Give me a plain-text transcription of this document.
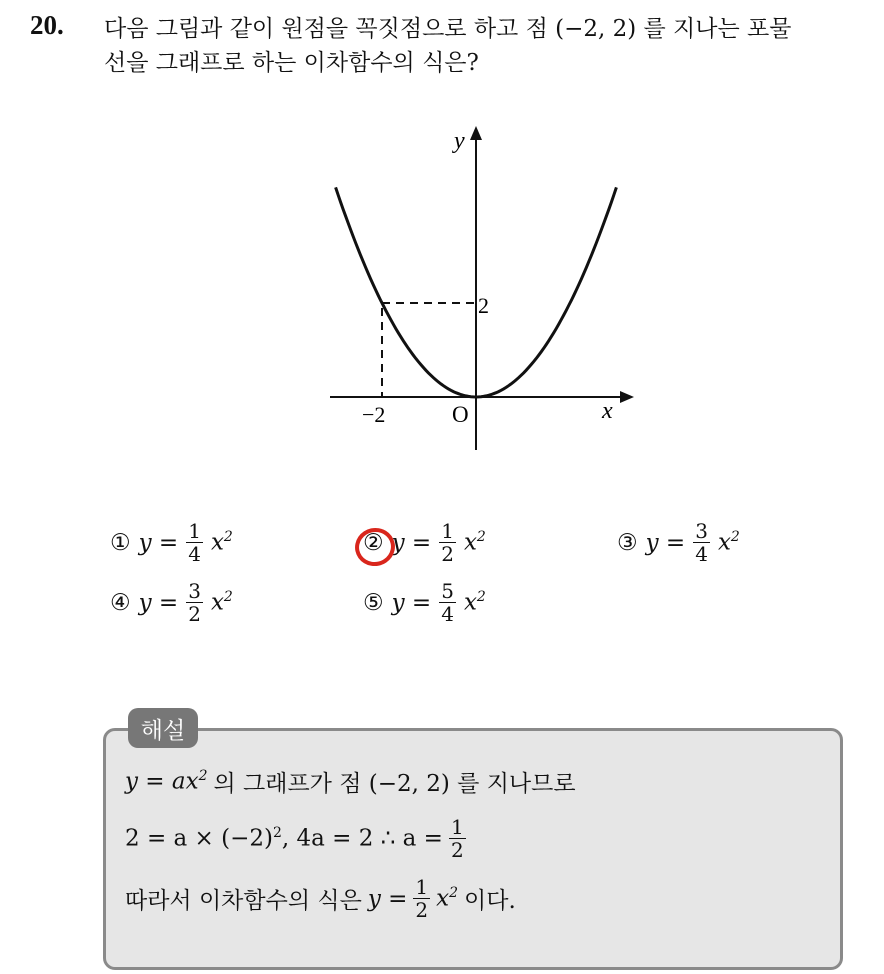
20. 다음 그림과 같이 원점을 꼭짓점으로 하고 점 (−2, 2) 를 지나는 포물
선을 그래프로 하는 이차함수의 식은?
y
x
O
−2
2
① $y = \frac{1}{4} x^2$	② $y = \frac{1}{2} x^2$	③ $y = \frac{3}{4} x^2$
④ $y = \frac{3}{2} x^2$	⑤ $y = \frac{5}{4} x^2$
해설
$y = ax^2$ 의 그래프가 점 (−2, 2) 를 지나므로
$2 = a \times (-2)^2$, 4a = 2 ∴ $a = \frac{1}{2}$
따라서 이차함수의 식은 $y = \frac{1}{2} x^2$ 이다.
